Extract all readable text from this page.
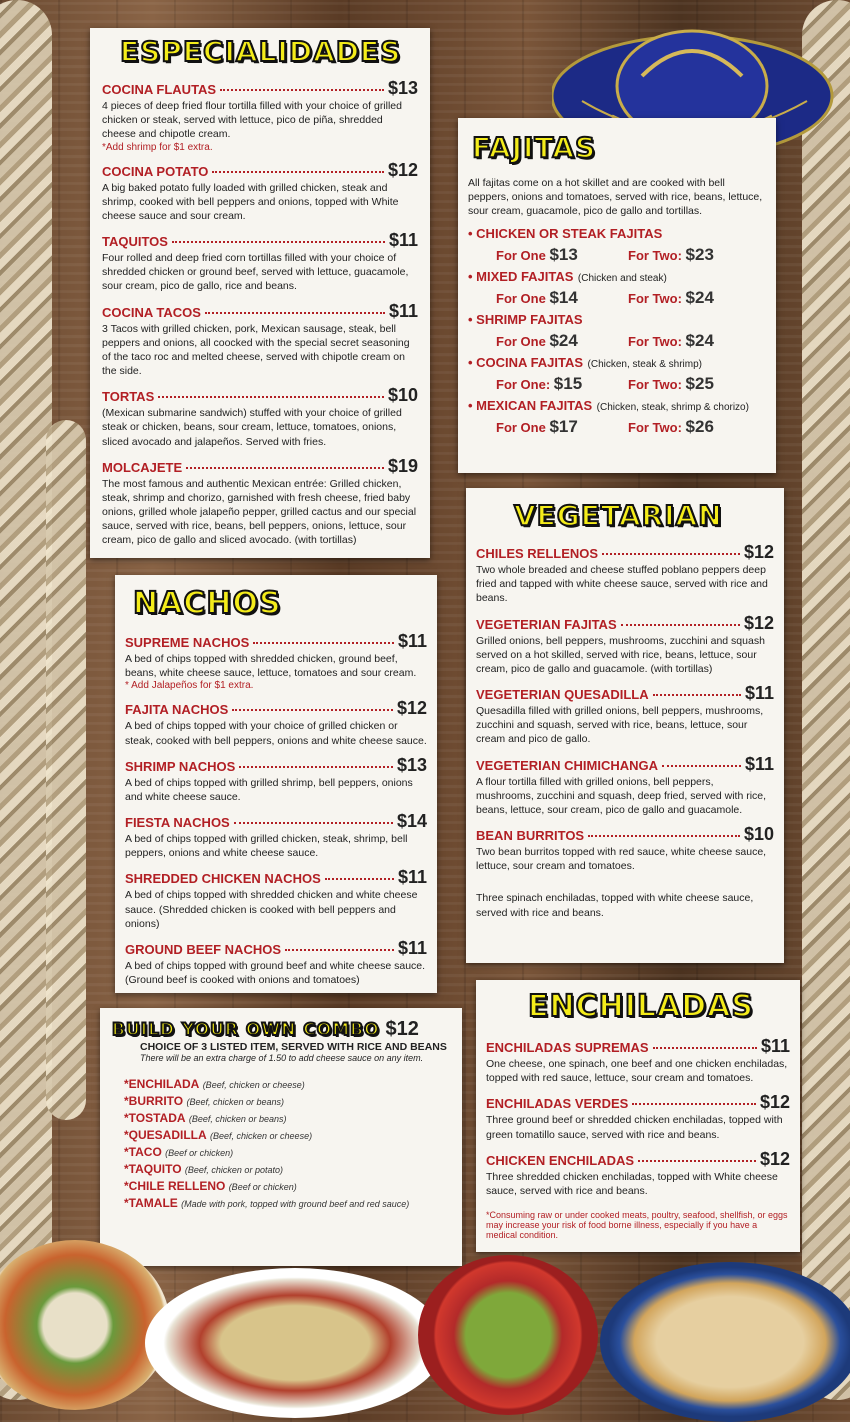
ESPECIALIDADES
COCINA FLAUTAS	$13
4 pieces of deep fried flour tortilla filled with your choice of grilled chicken or steak, served with lettuce, pico de piña, shredded cheese and chipotle cream.
*Add shrimp for $1 extra.
COCINA POTATO	$12
A big baked potato fully loaded with grilled chicken, steak and shrimp, cooked with bell peppers and onions, topped with White cheese sauce and sour cream.
TAQUITOS	$11
Four rolled and deep fried corn tortillas filled with your choice of shredded chicken or ground beef, served with lettuce, guacamole, sour cream, pico de gallo, rice and beans.
COCINA TACOS	$11
3 Tacos with grilled chicken, pork, Mexican sausage, steak, bell peppers and onions, all coocked with the special secret seasoning of the taco roc and melted cheese, served with chipotle cream on the side.
TORTAS	$10
(Mexican submarine sandwich) stuffed with your choice of grilled steak or chicken, beans, sour cream, lettuce, tomatoes, onions, sliced avocado and jalapeños. Served with fries.
MOLCAJETE	$19
The most famous and authentic Mexican entrée: Grilled chicken, steak, shrimp and chorizo, garnished with fresh cheese, fried baby onions, grilled whole jalapeño pepper, grilled cactus and our special sauce, served with rice, beans, bell peppers, onions, lettuce, sour cream, pico de gallo and sliced avocado. (with tortillas)
FAJITAS
All fajitas come on a hot skillet and are cooked with bell peppers, onions and tomatoes, served with rice, beans, lettuce, sour cream, guacamole, pico de gallo and tortillas.
• CHICKEN OR STEAK FAJITAS
For One $13	For Two: $23
• MIXED FAJITAS (Chicken and steak)
For One $14	For Two: $24
• SHRIMP FAJITAS
For One $24	For Two: $24
• COCINA FAJITAS (Chicken, steak & shrimp)
For One: $15	For Two: $25
• MEXICAN FAJITAS (Chicken, steak, shrimp & chorizo)
For One $17	For Two: $26
VEGETARIAN
CHILES RELLENOS	$12
Two whole breaded and cheese stuffed poblano peppers deep fried and tapped with white cheese sauce, served with rice and beans.
VEGETERIAN FAJITAS	$12
Grilled onions, bell peppers, mushrooms, zucchini and squash served on a hot skilled, served with rice, beans, lettuce, sour cream, pico de gallo and guacamole. (with tortillas)
VEGETERIAN QUESADILLA	$11
Quesadilla filled with grilled onions, bell peppers, mushrooms, zucchini and squash, served with rice, beans, lettuce, sour cream and pico de gallo.
VEGETERIAN CHIMICHANGA	$11
A flour tortilla filled with grilled onions, bell peppers, mushrooms, zucchini and squash, deep fried, served with rice, beans, lettuce, sour cream, pico de gallo and guacamole.
BEAN BURRITOS	$10
Two bean burritos topped with red sauce, white cheese sauce, lettuce, sour cream and tomatoes.
Three spinach enchiladas, topped with white cheese sauce, served with rice and beans.
NACHOS
SUPREME NACHOS	$11
A bed of chips topped with shredded chicken, ground beef, beans, white cheese sauce, lettuce, tomatoes and sour cream.
* Add Jalapeños for $1 extra.
FAJITA NACHOS	$12
A bed of chips topped with your choice of grilled chicken or steak, cooked with bell peppers, onions and white cheese sauce.
SHRIMP NACHOS	$13
A bed of chips topped with grilled shrimp, bell peppers, onions and white cheese sauce.
FIESTA NACHOS	$14
A bed of chips topped with grilled chicken, steak, shrimp, bell peppers, onions and white cheese sauce.
SHREDDED CHICKEN NACHOS	$11
A bed of chips topped with shredded chicken and white cheese sauce. (Shredded chicken is cooked with bell peppers and onions)
GROUND BEEF NACHOS	$11
A bed of chips topped with ground beef and white cheese sauce. (Ground beef is cooked with onions and tomatoes)
BUILD YOUR OWN COMBO $12
CHOICE OF 3 LISTED ITEM, SERVED WITH RICE AND BEANS
There will be an extra charge of 1.50 to add cheese sauce on any item.
*ENCHILADA (Beef, chicken or cheese)
*BURRITO (Beef, chicken or beans)
*TOSTADA (Beef, chicken or beans)
*QUESADILLA (Beef, chicken or cheese)
*TACO (Beef or chicken)
*TAQUITO (Beef, chicken or potato)
*CHILE RELLENO (Beef or chicken)
*TAMALE (Made with pork, topped with ground beef and red sauce)
ENCHILADAS
ENCHILADAS SUPREMAS	$11
One cheese, one spinach, one beef and one chicken enchiladas, topped with red sauce, lettuce, sour cream and tomatoes.
ENCHILADAS VERDES	$12
Three ground beef or shredded chicken enchiladas, topped with green tomatillo sauce, served with rice and beans.
CHICKEN ENCHILADAS	$12
Three shredded chicken enchiladas, topped with White cheese sauce, served with rice and beans.
*Consuming raw or under cooked meats, poultry, seafood, shellfish, or eggs may increase your risk of food borne illness, especially if you have a medical condition.
